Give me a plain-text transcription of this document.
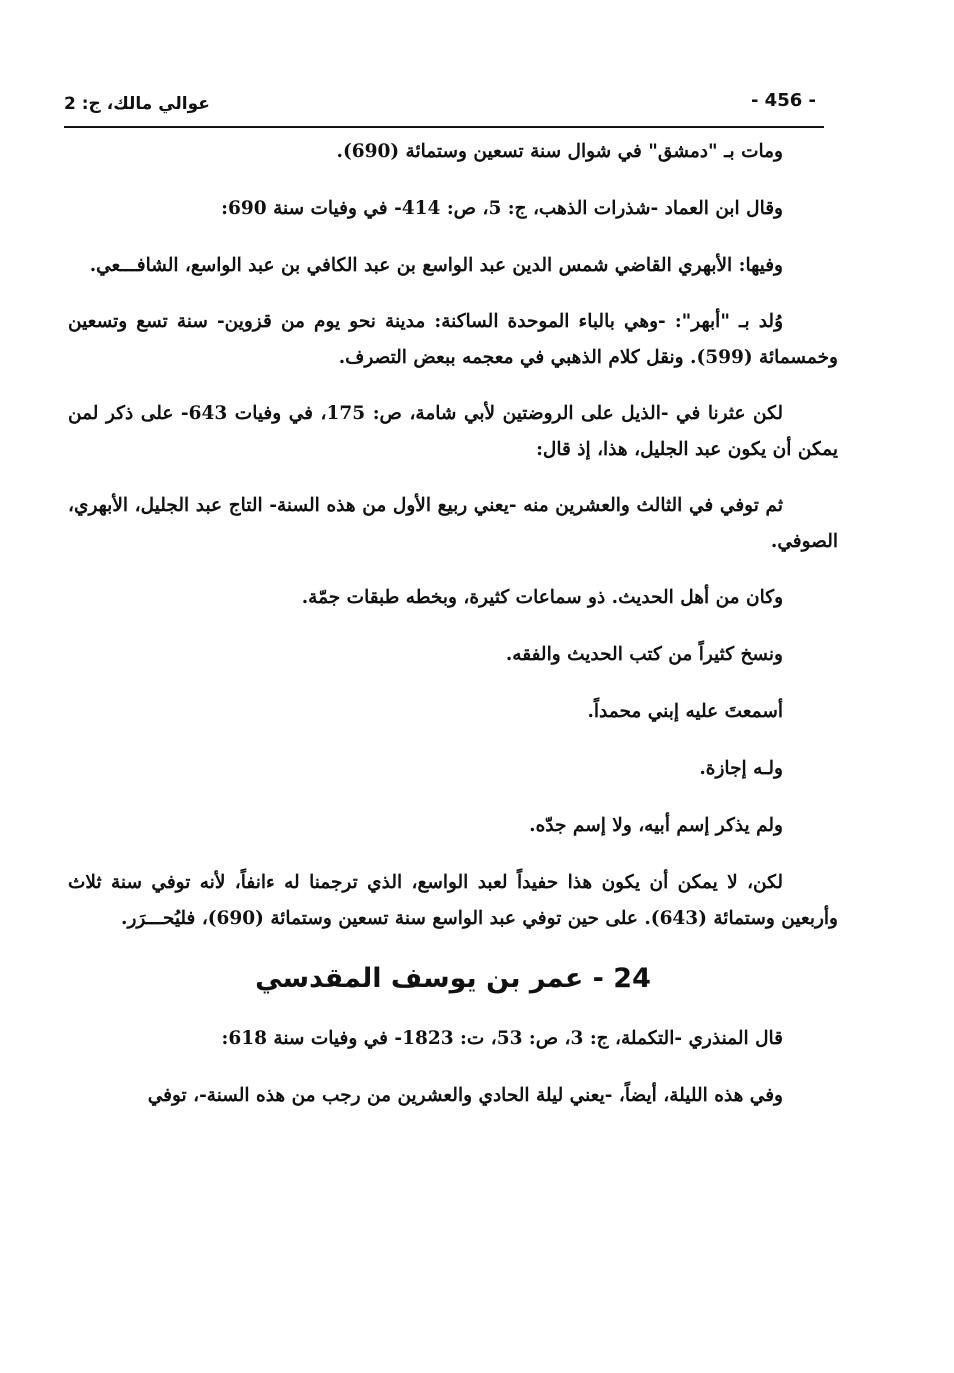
- 456 -
عوالي مالك، ج: 2

ومات بـ "دمشق" في شوال سنة تسعين وستمائة (690).

وقال ابن العماد -شذرات الذهب، ج: 5، ص: 414- في وفيات سنة 690:

وفيها: الأبهري القاضي شمس الدين عبد الواسع بن عبد الكافي بن عبد الواسع، الشافـــعي.

وُلد بـ "أبهر": -وهي بالباء الموحدة الساكنة: مدينة نحو يوم من قزوين- سنة تسع وتسعين وخمسمائة (599). ونقل كلام الذهبي في معجمه ببعض التصرف.

لكن عثرنا في -الذيل على الروضتين لأبي شامة، ص: 175، في وفيات 643- على ذكر لمن يمكن أن يكون عبد الجليل، هذا، إذ قال:

ثم توفي في الثالث والعشرين منه -يعني ربيع الأول من هذه السنة- التاج عبد الجليل، الأبهري، الصوفي.

وكان من أهل الحديث. ذو سماعات كثيرة، وبخطه طبقات جمّة.

ونسخ كثيراً من كتب الحديث والفقه.

أسمعتَ عليه إبني محمداً.

ولـه إجازة.

ولم يذكر إسم أبيه، ولا إسم جدّه.

لكن، لا يمكن أن يكون هذا حفيداً لعبد الواسع، الذي ترجمنا له ءانفاً، لأنه توفي سنة ثلاث وأربعين وستمائة (643). على حين توفي عبد الواسع سنة تسعين وستمائة (690)، فليُحـــرَر.

24 - عمر بن يوسف المقدسي

قال المنذري -التكملة، ج: 3، ص: 53، ت: 1823- في وفيات سنة 618:

وفي هذه الليلة، أيضاً، -يعني ليلة الحادي والعشرين من رجب من هذه السنة-، توفي
